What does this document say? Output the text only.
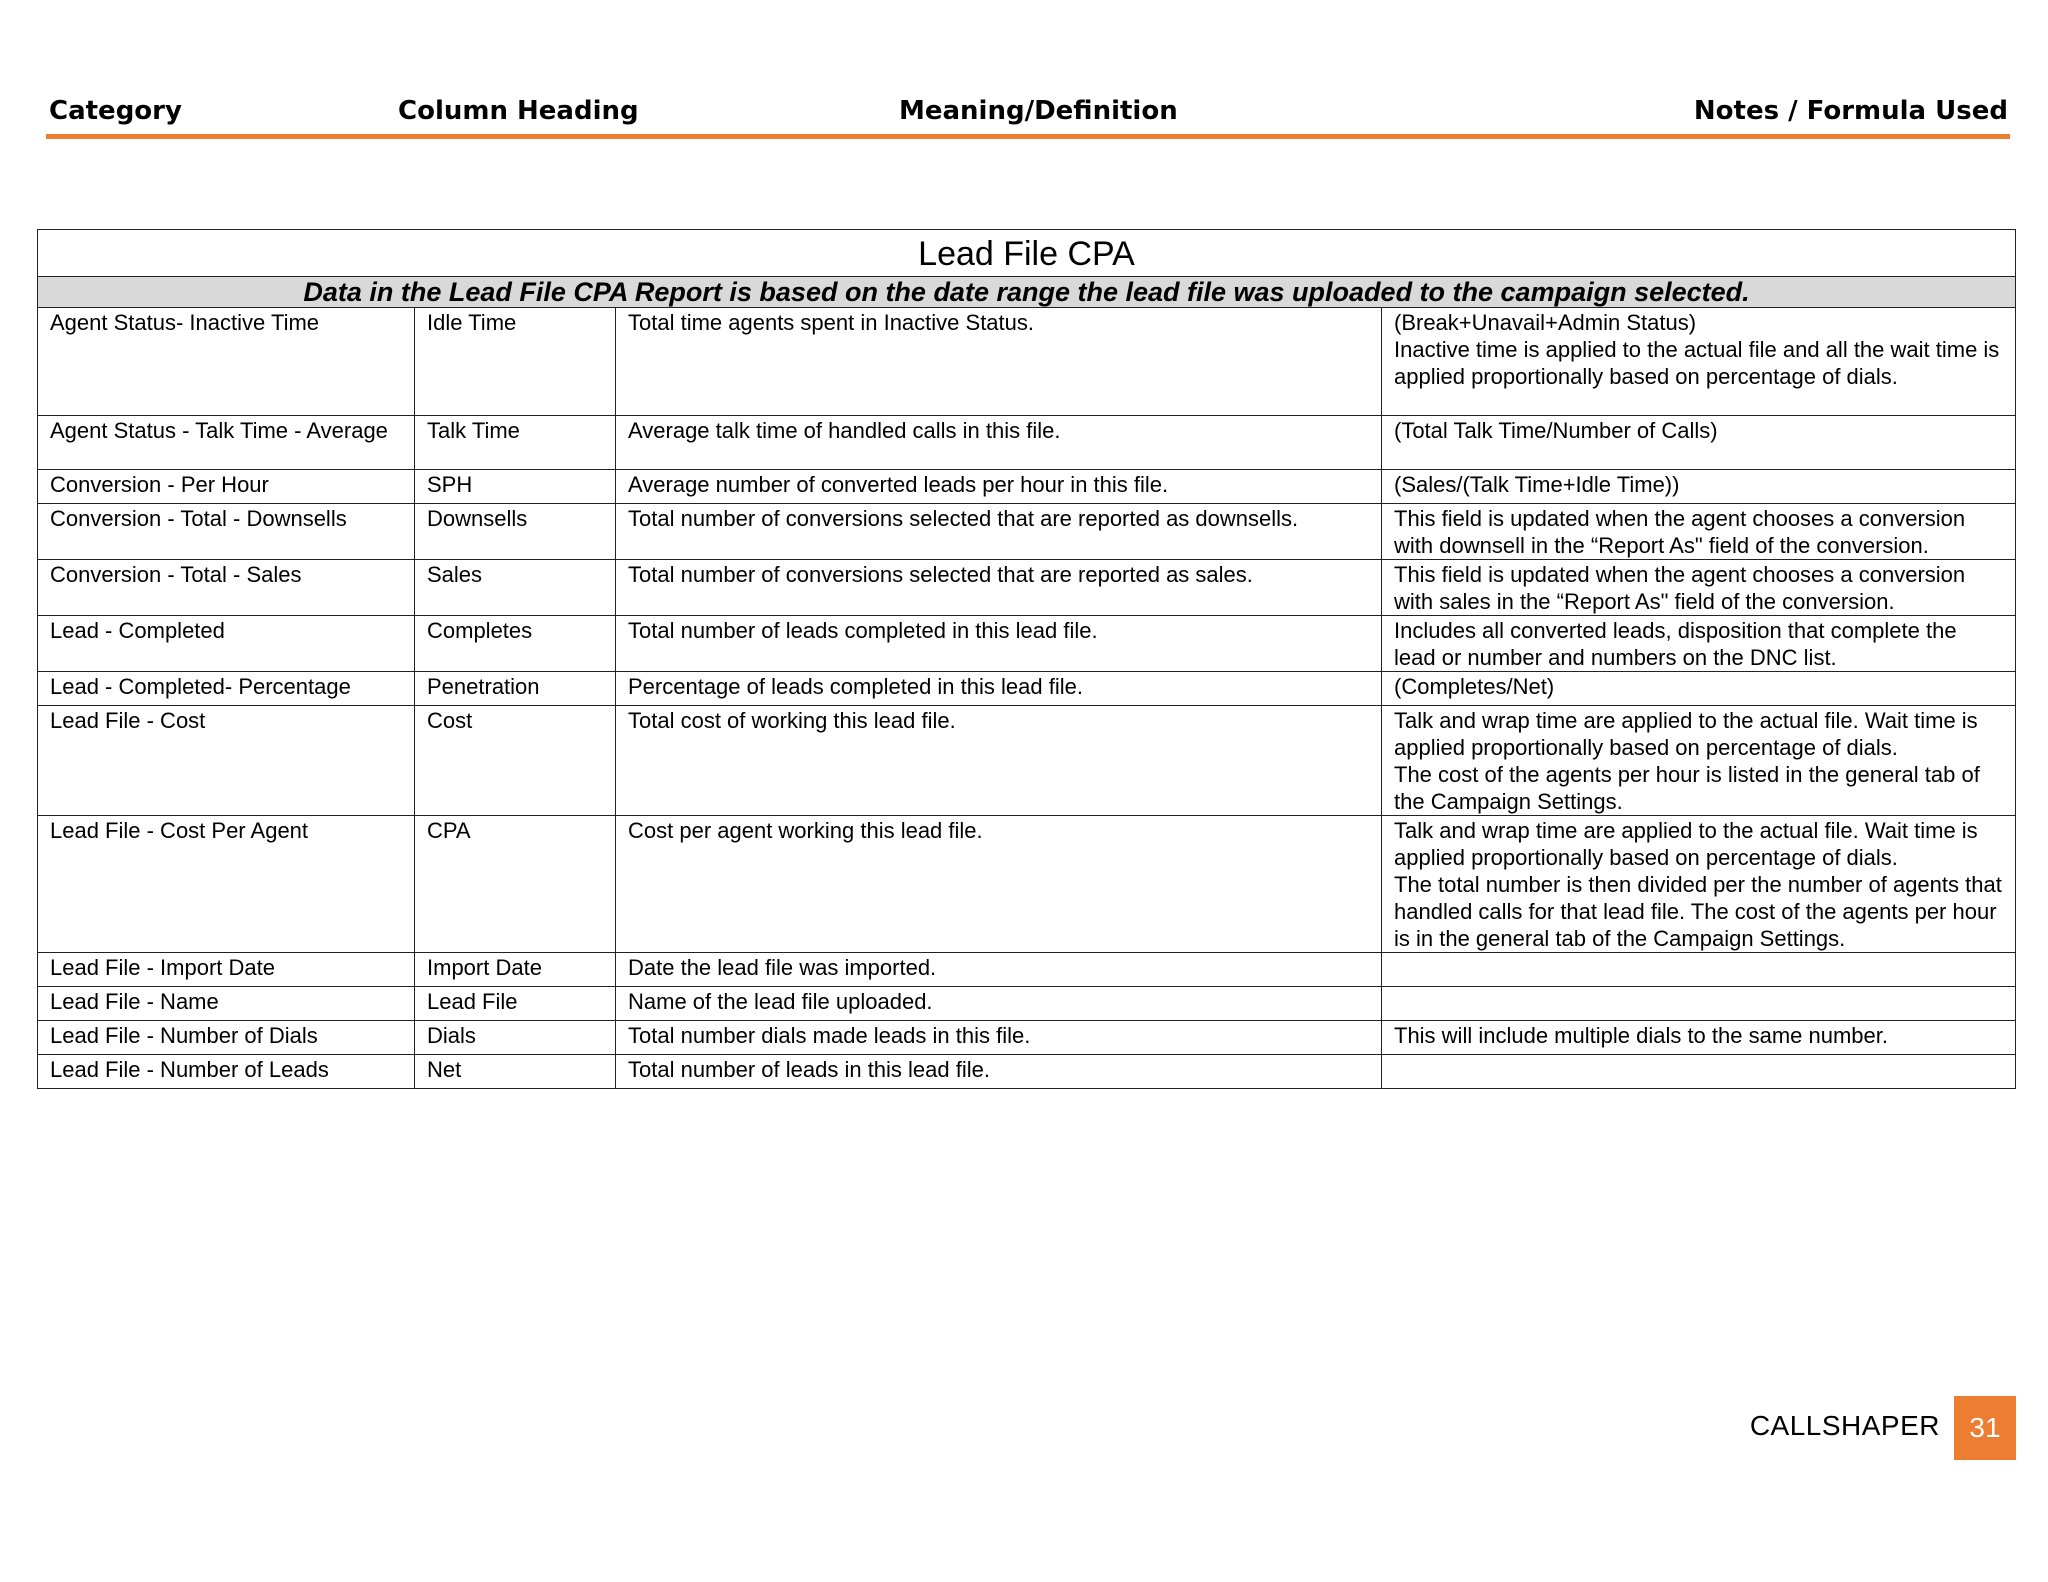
Category	Column Heading	Meaning/Definition	Notes / Formula Used
Lead File CPA			
Data in the Lead File CPA Report is based on the date range the lead file was uploaded to the campaign selected.			
Agent Status- Inactive Time	Idle Time	Total time agents spent in Inactive Status.	(Break+Unavail+Admin Status)
Inactive time is applied to the actual file and all the wait time is applied proportionally based on percentage of dials.
Agent Status - Talk Time - Average	Talk Time	Average talk time of handled calls in this file.	(Total Talk Time/Number of Calls)
Conversion - Per Hour	SPH	Average number of converted leads per hour in this file.	(Sales/(Talk Time+Idle Time))
Conversion - Total - Downsells	Downsells	Total number of conversions selected that are reported as downsells.	This field is updated when the agent chooses a conversion with downsell in the “Report As" field of the conversion.
Conversion - Total - Sales	Sales	Total number of conversions selected that are reported as sales.	This field is updated when the agent chooses a conversion with sales in the “Report As" field of the conversion.
Lead - Completed	Completes	Total number of leads completed in this lead file.	Includes all converted leads, disposition that complete the lead or number and numbers on the DNC list.
Lead - Completed- Percentage	Penetration	Percentage of leads completed in this lead file.	(Completes/Net)
Lead File - Cost	Cost	Total cost of working this lead file.	Talk and wrap time are applied to the actual file. Wait time is applied proportionally based on percentage of dials.
The cost of the agents per hour is listed in the general tab of the Campaign Settings.
Lead File - Cost Per Agent	CPA	Cost per agent working this lead file.	Talk and wrap time are applied to the actual file. Wait time is applied proportionally based on percentage of dials.
The total number is then divided per the number of agents that handled calls for that lead file. The cost of the agents per hour is in the general tab of the Campaign Settings.
Lead File - Import Date	Import Date	Date the lead file was imported.	
Lead File - Name	Lead File	Name of the lead file uploaded.	
Lead File - Number of Dials	Dials	Total number dials made leads in this file.	This will include multiple dials to the same number.
Lead File - Number of Leads	Net	Total number of leads in this lead file.	
CALLSHAPER 31
